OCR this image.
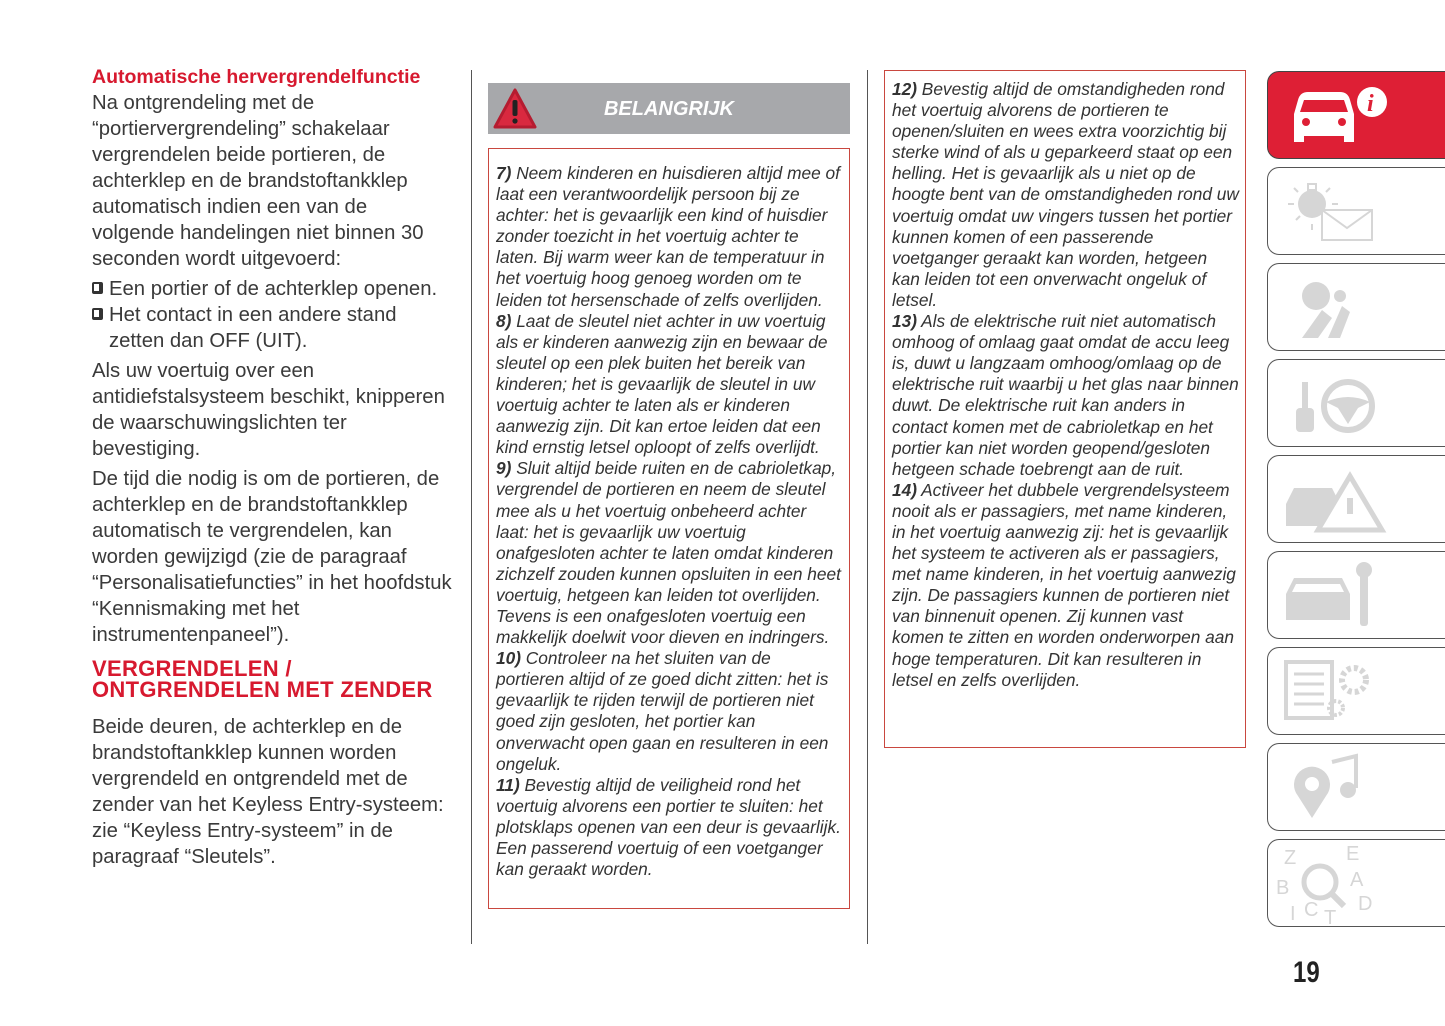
Automatische hervergrendelfunctie

Na ontgrendeling met de “portiervergrendeling” schakelaar vergrendelen beide portieren, de achterklep en de brandstoftankklep automatisch indien een van de volgende handelingen niet binnen 30 seconden wordt uitgevoerd:

Een portier of de achterklep openen.
Het contact in een andere stand zetten dan OFF (UIT).

Als uw voertuig over een antidiefstalsysteem beschikt, knipperen de waarschuwingslichten ter bevestiging.

De tijd die nodig is om de portieren, de achterklep en de brandstoftankklep automatisch te vergrendelen, kan worden gewijzigd (zie de paragraaf “Personalisatiefuncties” in het hoofdstuk “Kennismaking met het instrumentenpaneel”).

VERGRENDELEN / ONTGRENDELEN MET ZENDER

Beide deuren, de achterklep en de brandstoftankklep kunnen worden vergrendeld en ontgrendeld met de zender van het Keyless Entry-systeem: zie “Keyless Entry-systeem” in de paragraaf “Sleutels”.

BELANGRIJK

7) Neem kinderen en huisdieren altijd mee of laat een verantwoordelijk persoon bij ze achter: het is gevaarlijk een kind of huisdier zonder toezicht in het voertuig achter te laten. Bij warm weer kan de temperatuur in het voertuig hoog genoeg worden om te leiden tot hersenschade of zelfs overlijden.

8) Laat de sleutel niet achter in uw voertuig als er kinderen aanwezig zijn en bewaar de sleutel op een plek buiten het bereik van kinderen; het is gevaarlijk de sleutel in uw voertuig achter te laten als er kinderen aanwezig zijn. Dit kan ertoe leiden dat een kind ernstig letsel oploopt of zelfs overlijdt.

9) Sluit altijd beide ruiten en de cabrioletkap, vergrendel de portieren en neem de sleutel mee als u het voertuig onbeheerd achter laat: het is gevaarlijk uw voertuig onafgesloten achter te laten omdat kinderen zichzelf zouden kunnen opsluiten in een heet voertuig, hetgeen kan leiden tot overlijden. Tevens is een onafgesloten voertuig een makkelijk doelwit voor dieven en indringers.

10) Controleer na het sluiten van de portieren altijd of ze goed dicht zitten: het is gevaarlijk te rijden terwijl de portieren niet goed zijn gesloten, het portier kan onverwacht open gaan en resulteren in een ongeluk.

11) Bevestig altijd de veiligheid rond het voertuig alvorens een portier te sluiten: het plotsklaps openen van een deur is gevaarlijk. Een passerend voertuig of een voetganger kan geraakt worden.

12) Bevestig altijd de omstandigheden rond het voertuig alvorens de portieren te openen/sluiten en wees extra voorzichtig bij sterke wind of als u geparkeerd staat op een helling. Het is gevaarlijk als u niet op de hoogte bent van de omstandigheden rond uw voertuig omdat uw vingers tussen het portier kunnen komen of een passerende voetganger geraakt kan worden, hetgeen kan leiden tot een onverwacht ongeluk of letsel.

13) Als de elektrische ruit niet automatisch omhoog of omlaag gaat omdat de accu leeg is, duwt u langzaam omhoog/omlaag op de elektrische ruit waarbij u het glas naar binnen duwt. De elektrische ruit kan anders in contact komen met de cabrioletkap en het portier kan niet worden geopend/gesloten hetgeen schade toebrengt aan de ruit.

14) Activeer het dubbele vergrendelsysteem nooit als er passagiers, met name kinderen, in het voertuig aanwezig zij: het is gevaarlijk het systeem te activeren als er passagiers, met name kinderen, in het voertuig aanwezig zijn. De passagiers kunnen de portieren niet van binnenuit openen. Zij kunnen vast komen te zitten en worden onderworpen aan hoge temperaturen. Dit kan resulteren in letsel en zelfs overlijden.

i
Z E
A
B
C T
I	D
19
